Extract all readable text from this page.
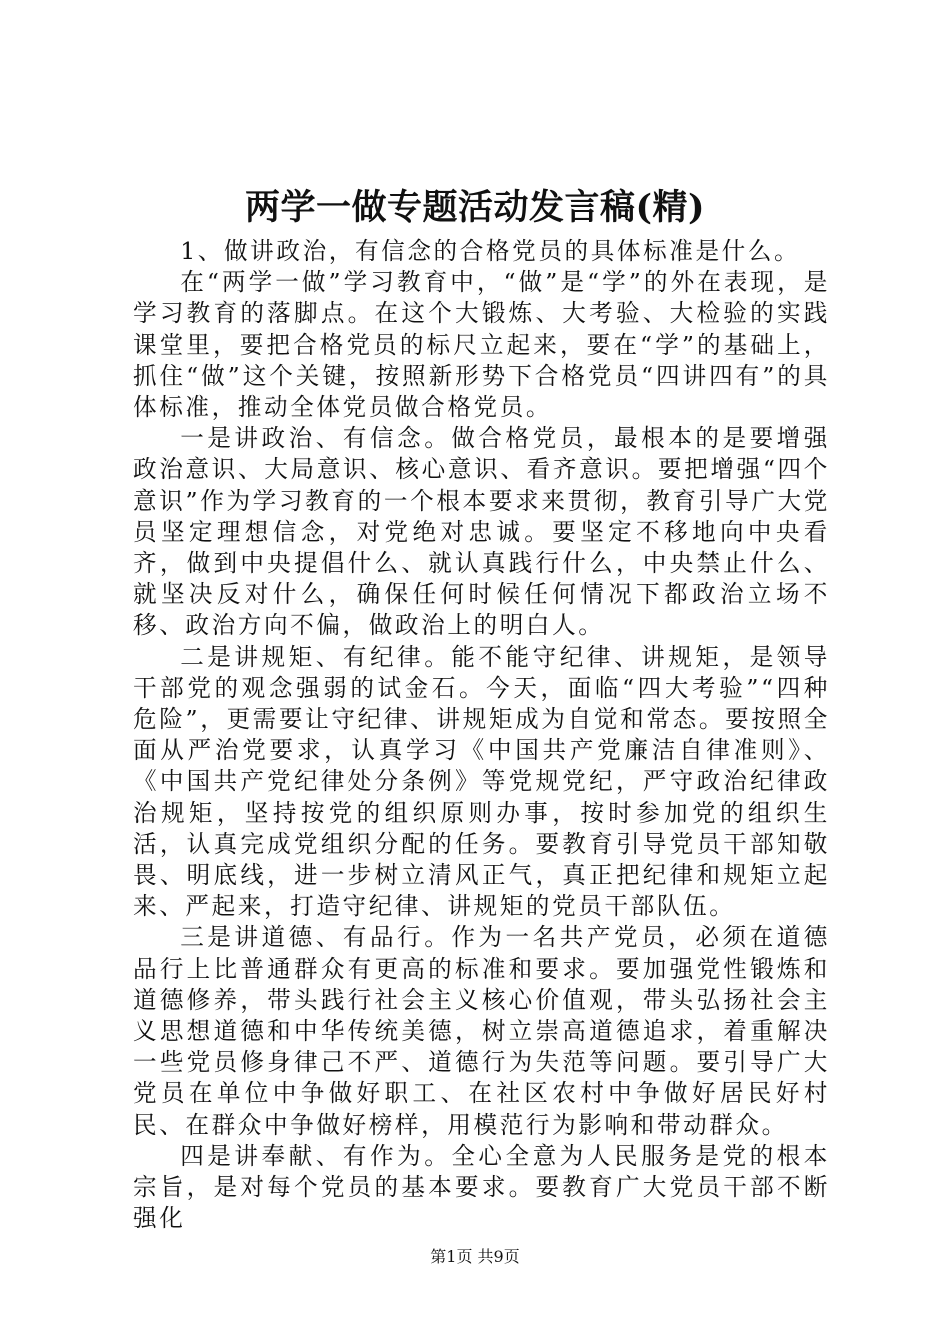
两学一做专题活动发言稿(精)

1、做讲政治，有信念的合格党员的具体标准是什么。

在“两学一做”学习教育中，“做”是“学”的外在表现，是学习教育的落脚点。在这个大锻炼、大考验、大检验的实践课堂里，要把合格党员的标尺立起来，要在“学”的基础上，抓住“做”这个关键，按照新形势下合格党员“四讲四有”的具体标准，推动全体党员做合格党员。

一是讲政治、有信念。做合格党员，最根本的是要增强政治意识、大局意识、核心意识、看齐意识。要把增强“四个意识”作为学习教育的一个根本要求来贯彻，教育引导广大党员坚定理想信念，对党绝对忠诚。要坚定不移地向中央看齐，做到中央提倡什么、就认真践行什么，中央禁止什么、就坚决反对什么，确保任何时候任何情况下都政治立场不移、政治方向不偏，做政治上的明白人。

二是讲规矩、有纪律。能不能守纪律、讲规矩，是领导干部党的观念强弱的试金石。今天，面临“四大考验”“四种危险”，更需要让守纪律、讲规矩成为自觉和常态。要按照全面从严治党要求，认真学习《中国共产党廉洁自律准则》、《中国共产党纪律处分条例》等党规党纪，严守政治纪律政治规矩，坚持按党的组织原则办事，按时参加党的组织生活，认真完成党组织分配的任务。要教育引导党员干部知敬畏、明底线，进一步树立清风正气，真正把纪律和规矩立起来、严起来，打造守纪律、讲规矩的党员干部队伍。

三是讲道德、有品行。作为一名共产党员，必须在道德品行上比普通群众有更高的标准和要求。要加强党性锻炼和道德修养，带头践行社会主义核心价值观，带头弘扬社会主义思想道德和中华传统美德，树立崇高道德追求，着重解决一些党员修身律己不严、道德行为失范等问题。要引导广大党员在单位中争做好职工、在社区农村中争做好居民好村民、在群众中争做好榜样，用模范行为影响和带动群众。

四是讲奉献、有作为。全心全意为人民服务是党的根本宗旨，是对每个党员的基本要求。要教育广大党员干部不断强化

第1页 共9页
